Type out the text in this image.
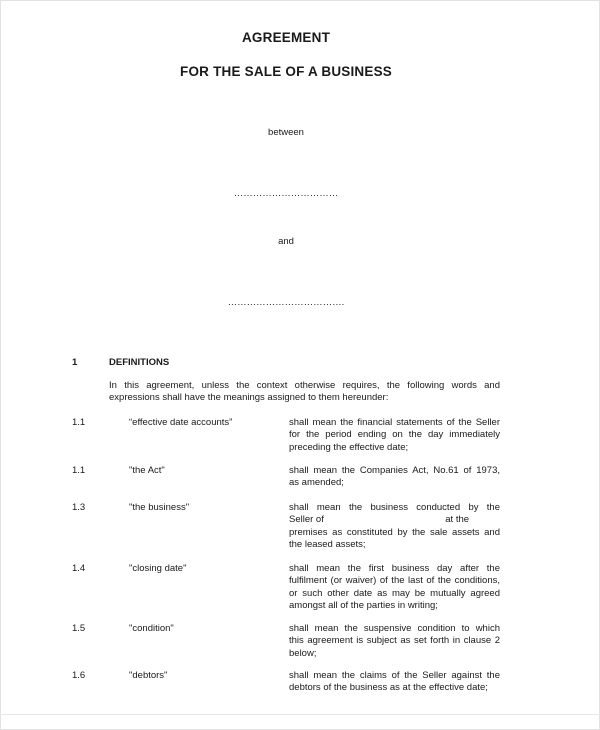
AGREEMENT
FOR THE SALE OF A BUSINESS
between
……………………………
and
……………………………….
1	DEFINITIONS
In this agreement, unless the context otherwise requires, the following words and
expressions shall have the meanings assigned to them hereunder:
1.1	“effective date accounts”	shall mean the financial statements of the Seller
for the period ending on the day immediately
preceding the effective date;
1.1	"the Act"	shall mean the Companies Act, No.61 of 1973,
as amended;
1.3	"the business"	shall mean the business conducted by the
Seller of                                              at the
premises as constituted by the sale assets and
the leased assets;
1.4	"closing date"	shall mean the first business day after the
fulfilment (or waiver) of the last of the conditions,
or such other date as may be mutually agreed
amongst all of the parties in writing;
1.5	"condition"	shall mean the suspensive condition to which
this agreement is subject as set forth in clause 2
below;
1.6	"debtors"	shall mean the claims of the Seller against the
debtors of the business as at the effective date;
